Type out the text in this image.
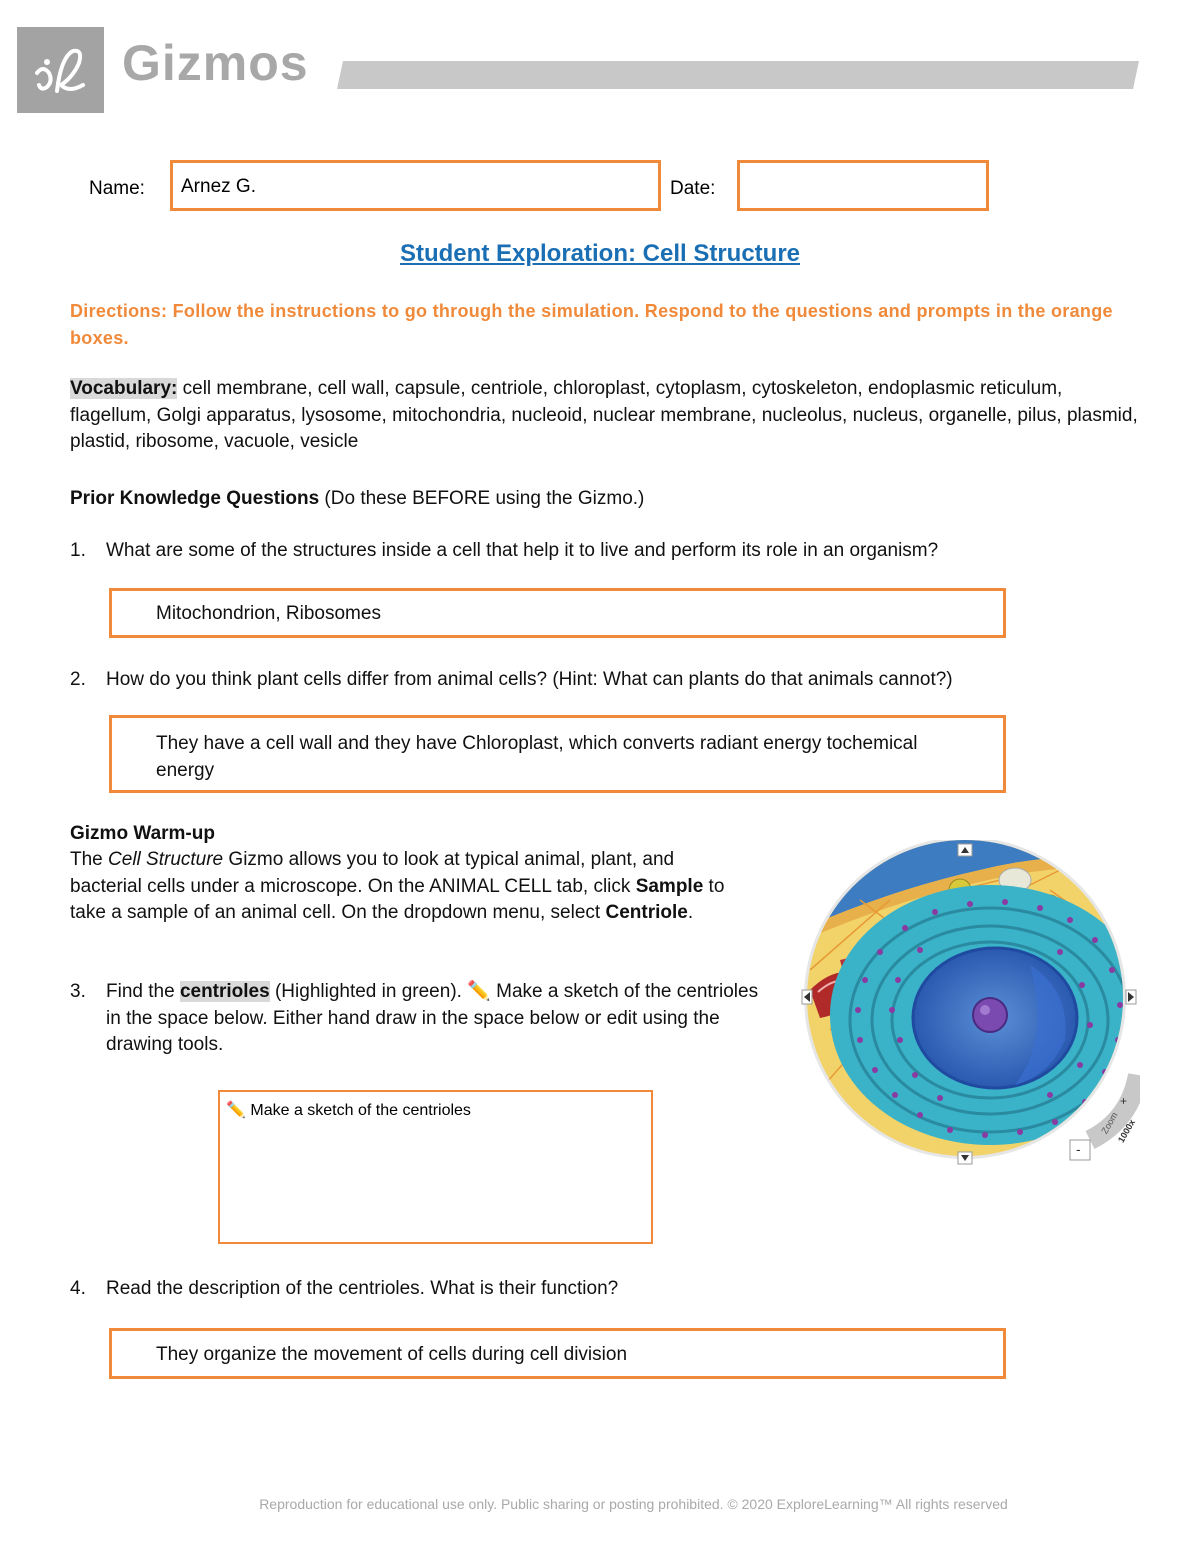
Gizmos
Name:	Arnez G.	Date:
Student Exploration: Cell Structure
Directions: Follow the instructions to go through the simulation. Respond to the questions and prompts in the orange boxes.
Vocabulary: cell membrane, cell wall, capsule, centriole, chloroplast, cytoplasm, cytoskeleton, endoplasmic reticulum, flagellum, Golgi apparatus, lysosome, mitochondria, nucleoid, nuclear membrane, nucleolus, nucleus, organelle, pilus, plasmid, plastid, ribosome, vacuole, vesicle
Prior Knowledge Questions (Do these BEFORE using the Gizmo.)
1. What are some of the structures inside a cell that help it to live and perform its role in an organism?
Mitochondrion, Ribosomes
2. How do you think plant cells differ from animal cells? (Hint: What can plants do that animals cannot?)
They have a cell wall and they have Chloroplast, which converts radiant energy tochemical energy
Gizmo Warm-up
The Cell Structure Gizmo allows you to look at typical animal, plant, and bacterial cells under a microscope. On the ANIMAL CELL tab, click Sample to take a sample of an animal cell. On the dropdown menu, select Centriole.
3. Find the centrioles (Highlighted in green). ✏️ Make a sketch of the centrioles in the space below. Either hand draw in the space below or edit using the drawing tools.
✏️ Make a sketch of the centrioles
-
+
Zoom
1000x
4. Read the description of the centrioles. What is their function?
They organize the movement of cells during cell division
Reproduction for educational use only. Public sharing or posting prohibited. © 2020 ExploreLearning™ All rights reserved
